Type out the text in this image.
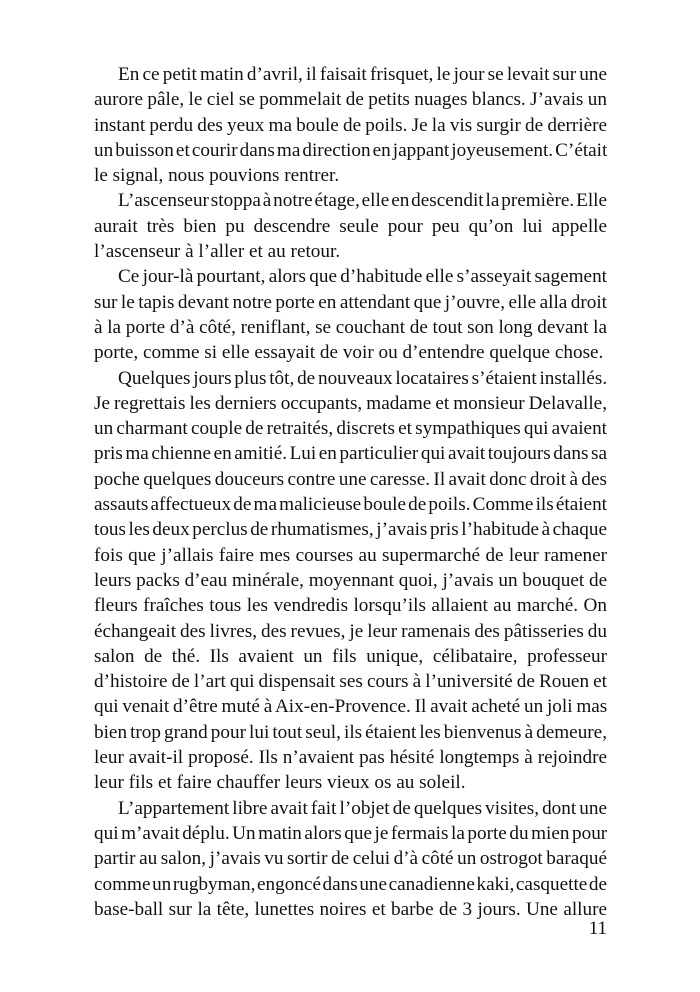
En ce petit matin d’avril, il faisait frisquet, le jour se levait sur une
aurore pâle, le ciel se pommelait de petits nuages blancs. J’avais un
instant perdu des yeux ma boule de poils. Je la vis surgir de derrière
un buisson et courir dans ma direction en jappant joyeusement. C’était
le signal, nous pouvions rentrer.
L’ascenseur stoppa à notre étage, elle en descendit la première. Elle
aurait très bien pu descendre seule pour peu qu’on lui appelle
l’ascenseur à l’aller et au retour.
Ce jour-là pourtant, alors que d’habitude elle s’asseyait sagement
sur le tapis devant notre porte en attendant que j’ouvre, elle alla droit
à la porte d’à côté, reniflant, se couchant de tout son long devant la
porte, comme si elle essayait de voir ou d’entendre quelque chose.
Quelques jours plus tôt, de nouveaux locataires s’étaient installés.
Je regrettais les derniers occupants, madame et monsieur Delavalle,
un charmant couple de retraités, discrets et sympathiques qui avaient
pris ma chienne en amitié. Lui en particulier qui avait toujours dans sa
poche quelques douceurs contre une caresse. Il avait donc droit à des
assauts affectueux de ma malicieuse boule de poils. Comme ils étaient
tous les deux perclus de rhumatismes, j’avais pris l’habitude à chaque
fois que j’allais faire mes courses au supermarché de leur ramener
leurs packs d’eau minérale, moyennant quoi, j’avais un bouquet de
fleurs fraîches tous les vendredis lorsqu’ils allaient au marché. On
échangeait des livres, des revues, je leur ramenais des pâtisseries du
salon de thé. Ils avaient un fils unique, célibataire, professeur
d’histoire de l’art qui dispensait ses cours à l’université de Rouen et
qui venait d’être muté à Aix-en-Provence. Il avait acheté un joli mas
bien trop grand pour lui tout seul, ils étaient les bienvenus à demeure,
leur avait-il proposé. Ils n’avaient pas hésité longtemps à rejoindre
leur fils et faire chauffer leurs vieux os au soleil.
L’appartement libre avait fait l’objet de quelques visites, dont une
qui m’avait déplu. Un matin alors que je fermais la porte du mien pour
partir au salon, j’avais vu sortir de celui d’à côté un ostrogot baraqué
comme un rugbyman, engoncé dans une canadienne kaki, casquette de
base-ball sur la tête, lunettes noires et barbe de 3 jours. Une allure
11
